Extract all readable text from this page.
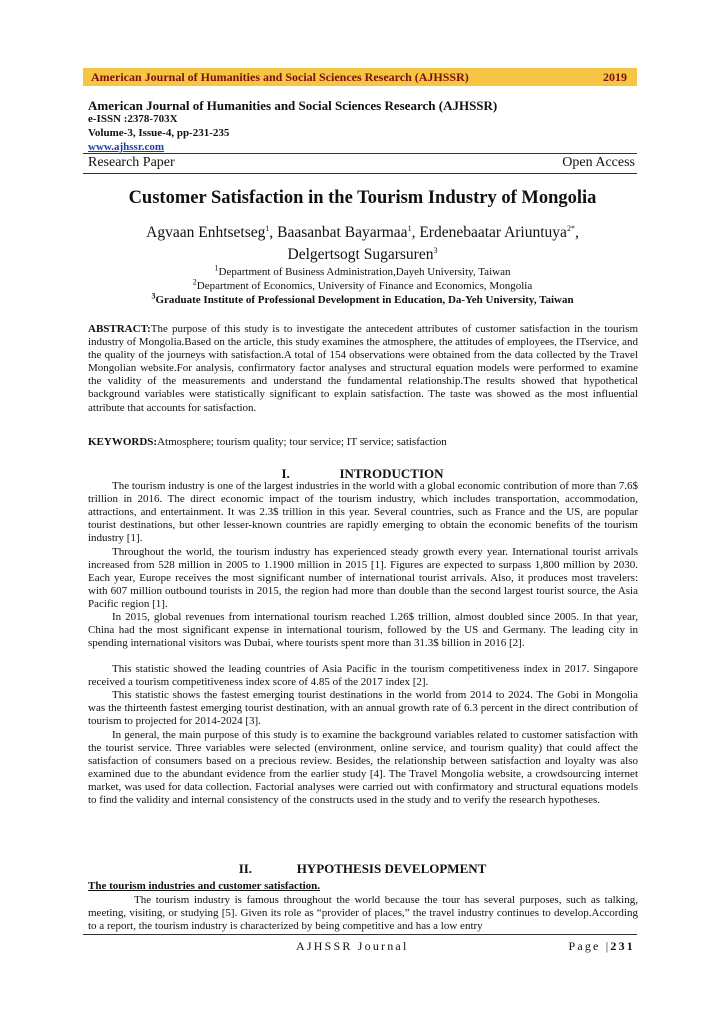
American Journal of Humanities and Social Sciences Research (AJHSSR)	2019
American Journal of Humanities and Social Sciences Research (AJHSSR)
e-ISSN :2378-703X
Volume-3, Issue-4, pp-231-235
www.ajhssr.com
Research Paper	Open Access
Customer Satisfaction in the Tourism Industry of Mongolia
Agvaan Enhtsetseg$^1$, Baasanbat Bayarmaa$^1$, Erdenebaatar Ariuntuya$^{2*}$,
Delgertsogt Sugarsuren$^3$
$^1$Department of Business Administration,Dayeh University, Taiwan
$^2$Department of Economics, University of Finance and Economics, Mongolia
$^3$Graduate Institute of Professional Development in Education, Da-Yeh University, Taiwan
ABSTRACT:The purpose of this study is to investigate the antecedent attributes of customer satisfaction in the tourism industry of Mongolia.Based on the article, this study examines the atmosphere, the attitudes of employees, the ITservice, and the quality of the journeys with satisfaction.A total of 154 observations were obtained from the data collected by the Travel Mongolian website.For analysis, confirmatory factor analyses and structural equation models were performed to examine the validity of the measurements and understand the fundamental relationship.The results showed that hypothetical background variables were statistically significant to explain satisfaction. The taste was showed as the most influential attribute that accounts for satisfaction.
KEYWORDS:Atmosphere; tourism quality; tour service; IT service; satisfaction
I.	INTRODUCTION
The tourism industry is one of the largest industries in the world with a global economic contribution of more than 7.6$ trillion in 2016. The direct economic impact of the tourism industry, which includes transportation, accommodation, attractions, and entertainment. It was 2.3$ trillion in this year. Several countries, such as France and the US, are popular tourist destinations, but other lesser-known countries are rapidly emerging to obtain the economic benefits of the tourism industry [1].
Throughout the world, the tourism industry has experienced steady growth every year. International tourist arrivals increased from 528 million in 2005 to 1.1900 million in 2015 [1]. Figures are expected to surpass 1,800 million by 2030. Each year, Europe receives the most significant number of international tourist arrivals. Also, it produces most travelers: with 607 million outbound tourists in 2015, the region had more than double than the second largest tourist source, the Asia Pacific region [1].
In 2015, global revenues from international tourism reached 1.26$ trillion, almost doubled since 2005. In that year, China had the most significant expense in international tourism, followed by the US and Germany. The leading city in spending international visitors was Dubai, where tourists spent more than 31.3$ billion in 2016 [2].
This statistic showed the leading countries of Asia Pacific in the tourism competitiveness index in 2017. Singapore received a tourism competitiveness index score of 4.85 of the 2017 index [2].
This statistic shows the fastest emerging tourist destinations in the world from 2014 to 2024. The Gobi in Mongolia was the thirteenth fastest emerging tourist destination, with an annual growth rate of 6.3 percent in the direct contribution of tourism to projected for 2014-2024 [3].
In general, the main purpose of this study is to examine the background variables related to customer satisfaction with the tourist service. Three variables were selected (environment, online service, and tourism quality) that could affect the satisfaction of consumers based on a precious review. Besides, the relationship between satisfaction and loyalty was also examined due to the abundant evidence from the earlier study [4]. The Travel Mongolia website, a crowdsourcing internet market, was used for data collection. Factorial analyses were carried out with confirmatory and structural equations models to find the validity and internal consistency of the constructs used in the study and to verify the research hypotheses.
II.	HYPOTHESIS DEVELOPMENT
The tourism industries and customer satisfaction.
The tourism industry is famous throughout the world because the tour has several purposes, such as talking, meeting, visiting, or studying [5]. Given its role as “provider of places,” the travel industry continues to develop.According to a report, the tourism industry is characterized by being competitive and has a low entry
AJHSSR Journal	Page |231
